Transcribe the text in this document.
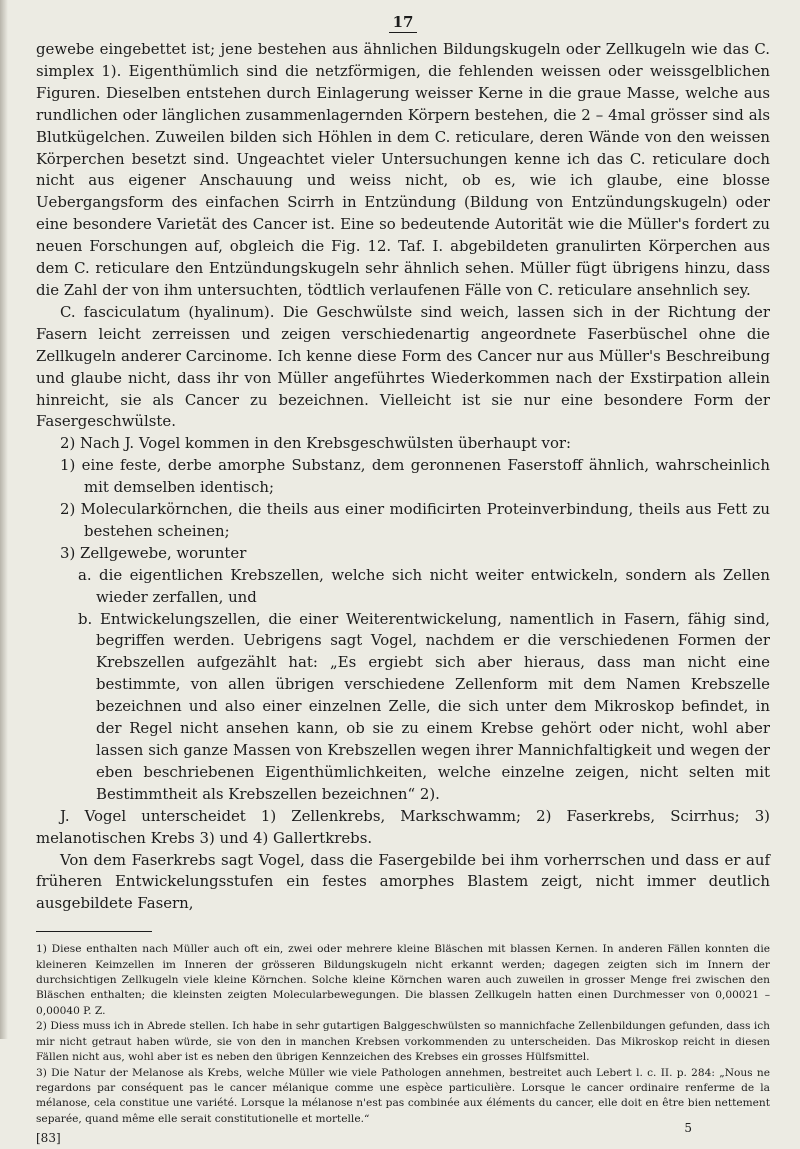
17

gewebe eingebettet ist; jene bestehen aus ähnlichen Bildungskugeln oder Zellkugeln wie das C. simplex 1). Eigenthümlich sind die netzförmigen, die fehlenden weissen oder weissgelblichen Figuren. Dieselben entstehen durch Einlagerung weisser Kerne in die graue Masse, welche aus rundlichen oder länglichen zusammenlagernden Körpern bestehen, die 2 – 4mal grösser sind als Blutkügelchen. Zuweilen bilden sich Höhlen in dem C. reticulare, deren Wände von den weissen Körperchen besetzt sind. Ungeachtet vieler Untersuchungen kenne ich das C. reticulare doch nicht aus eigener Anschauung und weiss nicht, ob es, wie ich glaube, eine blosse Uebergangsform des einfachen Scirrh in Entzündung (Bildung von Entzündungskugeln) oder eine besondere Varietät des Cancer ist. Eine so bedeutende Autorität wie die Müller's fordert zu neuen Forschungen auf, obgleich die Fig. 12. Taf. I. abgebildeten granulirten Körperchen aus dem C. reticulare den Entzündungskugeln sehr ähnlich sehen. Müller fügt übrigens hinzu, dass die Zahl der von ihm untersuchten, tödtlich verlaufenen Fälle von C. reticulare ansehnlich sey.

C. fasciculatum (hyalinum). Die Geschwülste sind weich, lassen sich in der Richtung der Fasern leicht zerreissen und zeigen verschiedenartig angeordnete Faserbüschel ohne die Zellkugeln anderer Carcinome. Ich kenne diese Form des Cancer nur aus Müller's Beschreibung und glaube nicht, dass ihr von Müller angeführtes Wiederkommen nach der Exstirpation allein hinreicht, sie als Cancer zu bezeichnen. Vielleicht ist sie nur eine besondere Form der Fasergeschwülste.

2) Nach J. Vogel kommen in den Krebsgeschwülsten überhaupt vor:

1) eine feste, derbe amorphe Substanz, dem geronnenen Faserstoff ähnlich, wahrscheinlich mit demselben identisch;

2) Molecularkörnchen, die theils aus einer modificirten Proteinverbindung, theils aus Fett zu bestehen scheinen;

3) Zellgewebe, worunter

a. die eigentlichen Krebszellen, welche sich nicht weiter entwickeln, sondern als Zellen wieder zerfallen, und

b. Entwickelungszellen, die einer Weiterentwickelung, namentlich in Fasern, fähig sind, begriffen werden. Uebrigens sagt Vogel, nachdem er die verschiedenen Formen der Krebszellen aufgezählt hat: „Es ergiebt sich aber hieraus, dass man nicht eine bestimmte, von allen übrigen verschiedene Zellenform mit dem Namen Krebszelle bezeichnen und also einer einzelnen Zelle, die sich unter dem Mikroskop befindet, in der Regel nicht ansehen kann, ob sie zu einem Krebse gehört oder nicht, wohl aber lassen sich ganze Massen von Krebszellen wegen ihrer Mannichfaltigkeit und wegen der eben beschriebenen Eigenthümlichkeiten, welche einzelne zeigen, nicht selten mit Bestimmtheit als Krebszellen bezeichnen“ 2).

J. Vogel unterscheidet 1) Zellenkrebs, Markschwamm; 2) Faserkrebs, Scirrhus; 3) melanotischen Krebs 3) und 4) Gallertkrebs.

Von dem Faserkrebs sagt Vogel, dass die Fasergebilde bei ihm vorherrschen und dass er auf früheren Entwickelungsstufen ein festes amorphes Blastem zeigt, nicht immer deutlich ausgebildete Fasern,

1) Diese enthalten nach Müller auch oft ein, zwei oder mehrere kleine Bläschen mit blassen Kernen. In anderen Fällen konnten die kleineren Keimzellen im Inneren der grösseren Bildungskugeln nicht erkannt werden; dagegen zeigten sich im Innern der durchsichtigen Zellkugeln viele kleine Körnchen. Solche kleine Körnchen waren auch zuweilen in grosser Menge frei zwischen den Bläschen enthalten; die kleinsten zeigten Molecularbewegungen. Die blassen Zellkugeln hatten einen Durchmesser von 0,00021 – 0,00040 P. Z.

2) Diess muss ich in Abrede stellen. Ich habe in sehr gutartigen Balggeschwülsten so mannichfache Zellenbildungen gefunden, dass ich mir nicht getraut haben würde, sie von den in manchen Krebsen vorkommenden zu unterscheiden. Das Mikroskop reicht in diesen Fällen nicht aus, wohl aber ist es neben den übrigen Kennzeichen des Krebses ein grosses Hülfsmittel.

3) Die Natur der Melanose als Krebs, welche Müller wie viele Pathologen annehmen, bestreitet auch Lebert l. c. II. p. 284: „Nous ne regardons par conséquent pas le cancer mélanique comme une espèce particulière. Lorsque le cancer ordinaire renferme de la mélanose, cela constitue une variété. Lorsque la mélanose n'est pas combinée aux éléments du cancer, elle doit en être bien nettement separée, quand même elle serait constitutionelle et mortelle.“

[83]
5
